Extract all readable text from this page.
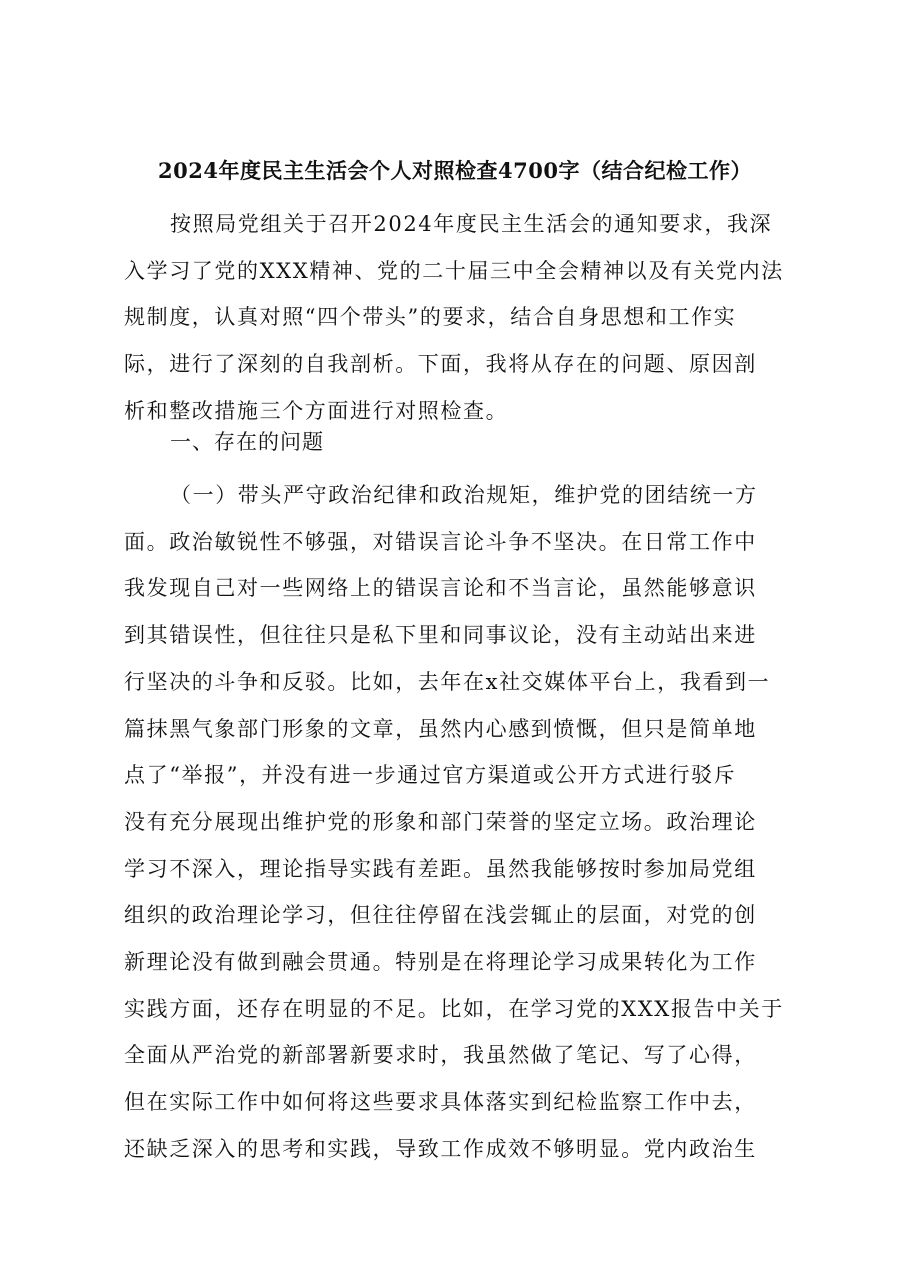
2024年度民主生活会个人对照检查4700字（结合纪检工作）
按照局党组关于召开2024年度民主生活会的通知要求，我深
入学习了党的XXX精神、党的二十届三中全会精神以及有关党内法
规制度，认真对照“四个带头”的要求，结合自身思想和工作实
际，进行了深刻的自我剖析。下面，我将从存在的问题、原因剖
析和整改措施三个方面进行对照检查。
一、存在的问题
（一）带头严守政治纪律和政治规矩，维护党的团结统一方
面。政治敏锐性不够强，对错误言论斗争不坚决。在日常工作中
我发现自己对一些网络上的错误言论和不当言论，虽然能够意识
到其错误性，但往往只是私下里和同事议论，没有主动站出来进
行坚决的斗争和反驳。比如，去年在x社交媒体平台上，我看到一
篇抹黑气象部门形象的文章，虽然内心感到愤慨，但只是简单地
点了“举报”，并没有进一步通过官方渠道或公开方式进行驳斥
没有充分展现出维护党的形象和部门荣誉的坚定立场。政治理论
学习不深入，理论指导实践有差距。虽然我能够按时参加局党组
组织的政治理论学习，但往往停留在浅尝辄止的层面，对党的创
新理论没有做到融会贯通。特别是在将理论学习成果转化为工作
实践方面，还存在明显的不足。比如，在学习党的XXX报告中关于
全面从严治党的新部署新要求时，我虽然做了笔记、写了心得，
但在实际工作中如何将这些要求具体落实到纪检监察工作中去，
还缺乏深入的思考和实践，导致工作成效不够明显。党内政治生
